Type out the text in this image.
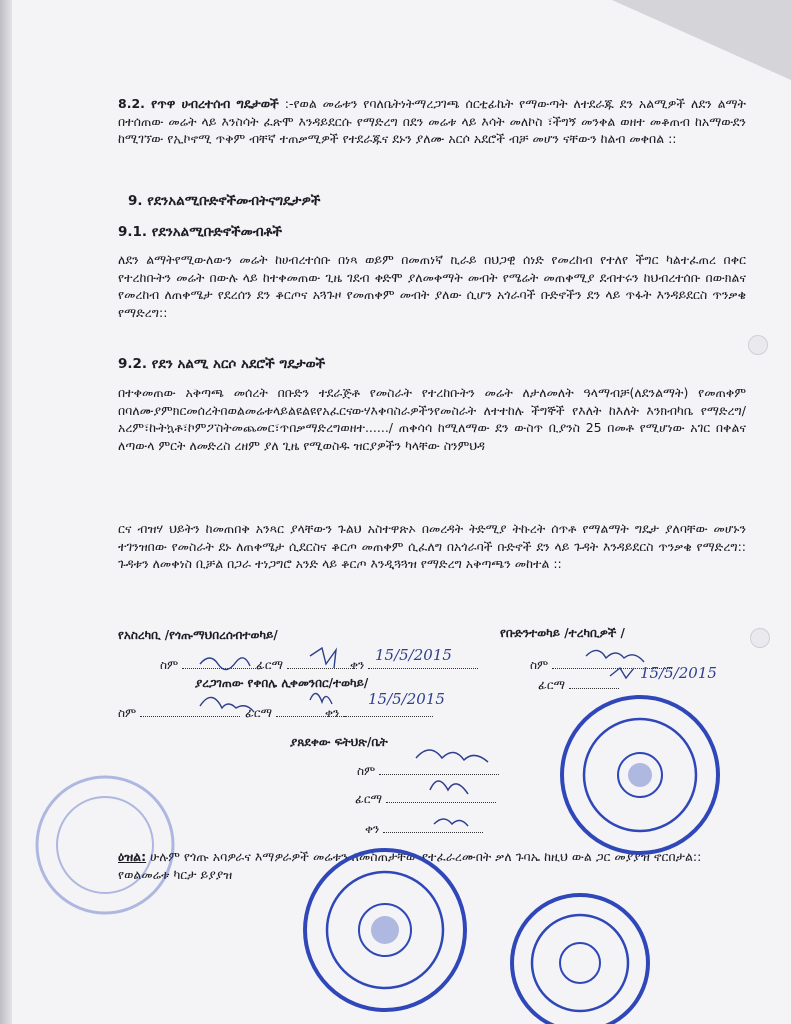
8.2. የጥዋ ሀብረተሰብ ግዴታወች :-የወል መሬቱን የባለቤትነትማረጋገጫ ሰርቲፊኬት የማውጣት ለተደራጁ ደን አልሚዎች ለደን ልማት በተሰጠው መሬት ላይ እንስሳት ፈጽሞ እንዳይደርሱ የማድረግ በደን መሬቱ ላይ እሳት መለኮስ ፣ችግኝ መንቀል ወዘተ መቆጠብ ከአማውደን ከሚገኘው የኢኮኖሚ ጥቅም ብቸኛ ተጠቃሚዎች የተደራጁና ደኑን ያለሙ አርሶ አደሮች ብቻ መሆን ናቸውን ከልብ መቀበል ::

9. የደንአልሚቡድኖችመብትናግዴታዎች
9.1. የደንአልሚቡድኖችመብቶች

ለደን ልማትየሚውለውን መሬት ከሀብረተሰቡ በነጻ ወይም በመጠነኛ ኪራይ በህጋዊ ሰነድ የመረከብ የተለየ ችግር ካልተፈጠረ በቀር የተረከቡትን መሬት በውሉ ላይ ከተቀመጠው ጊዜ ገደብ ቀድሞ ያለመቀማት መብት የሜሬት መጠቀሚያ ደብተሩን ከህብረተሰቡ በውክልና የመረከብ ለጠቀሜታ የደረሰን ደን ቆርጦና አጓጉዞ የመጠቀም መብት ያለው ሲሆን አጎራባች ቡድኖችን ደን ላይ ጥፋት እንዳይደርስ ጥንቃቄ የማድረግ::

9.2. የደን አልሚ አርሶ አደሮች ግዴታወች

በተቀመጠው አቅጣጫ መሰረት በቡድን ተደራጅቶ የመስራት የተረከቡትን መሬት ለታለመለት ዓላማብቻ(ለደንልማት) የመጠቀም በባለሙያምክርመሰረትበወልመሬቱላይልዩልዩየአፈርናውሃእቀባስራዎችንየመስራት ለተተከሉ ችግኞች የእለት ከእለት እንክብካቤ የማድረግ/አረም፣ኩትኳቶ፣ኮምፖስትመጨመር፣ጥበቃማድረግወዘተ....../ ጠቀሳሳ ከሚለማው ደን ውስጥ ቢያንስ 25 በመቶ የሚሆነው አገር በቀልና ለጣውላ ምርት ለመድረስ ረዘም ያለ ጊዜ የሚወስዱ ዝርያዎችን ካላቸው ስንምህዳ

ርና ብዝሃ ህይትን ከመጠበቅ አንጻር ያላቸውን ጉልህ አስተዋጽኦ በመረዳት ትድሚያ ትኩረት ሰጥቶ የማልማት ግዴታ ያለባቸው መሆኑን ተገንዝበው የመስራት ደኑ ለጠቀሜታ ሲደርስና ቆርጦ መጠቀም ሲፈለግ በአጎራባች ቡድኖች ደን ላይ ጉዳት እንዳይደርስ ጥንቃቄ የማድረግ:: ጉዳቱን ለመቀነስ ቢቻል በጋራ ተነጋግሮ አንድ ላይ ቆርጦ እንዲጓጓዝ የማድረግ አቅጣጫን መከተል ::

የአስረካቢ /የጎጡማህበረሰብተወካይ/	የቡድንተወካይ /ተረካቢዎች /
ስም	ፊርማ	ቀን
15/5/2015
ስም
ፊርማ
15/5/2015
ያረጋገጠው የቀበሌ ሊቀመንበር/ተወካይ/
ስም	ፊርማ	ቀን
15/5/2015
ያጸደቀው ፍትህጽ/ቤት
ስም
ፊርማ
ቀን

ዕዝል: ሁሉም የጎጡ አባዎራና እማዎራዎች መሬቱን ለመስጠታቸው የተፈራረሙበት ቃለ ጉባኤ ከዚህ ውል ጋር መያያዝ ኖርበታል:: የወልመሬቱ ካርታ ይያያዝ
